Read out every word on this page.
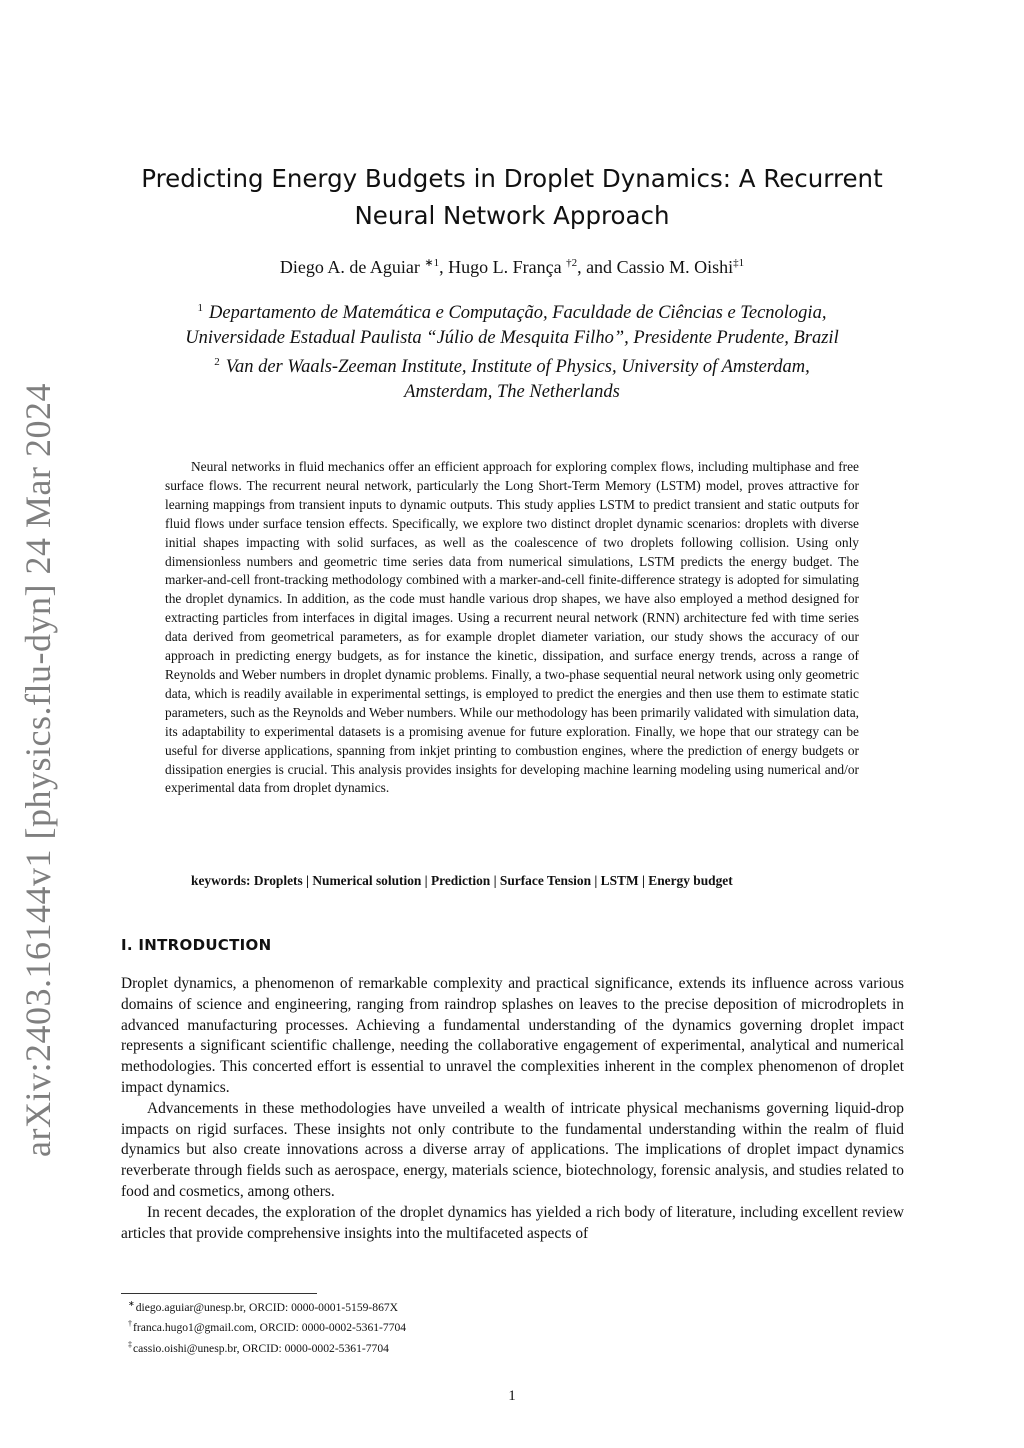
arXiv:2403.16144v1 [physics.flu-dyn] 24 Mar 2024
Predicting Energy Budgets in Droplet Dynamics: A Recurrent
Neural Network Approach
Diego A. de Aguiar $^{∗1}$, Hugo L. França $^{\dagger 2}$, and Cassio M. Oishi$^{\ddagger 1}$
$^1$ Departamento de Matemática e Computação, Faculdade de Ciências e Tecnologia,
Universidade Estadual Paulista “Júlio de Mesquita Filho”, Presidente Prudente, Brazil
$^2$ Van der Waals-Zeeman Institute, Institute of Physics, University of Amsterdam,
Amsterdam, The Netherlands

Neural networks in fluid mechanics offer an efficient approach for exploring complex flows, including multiphase and free surface flows. The recurrent neural network, particularly the Long Short-Term Memory (LSTM) model, proves attractive for learning mappings from transient inputs to dynamic outputs. This study applies LSTM to predict transient and static outputs for fluid flows under surface tension effects. Specifically, we explore two distinct droplet dynamic scenarios: droplets with diverse initial shapes impacting with solid surfaces, as well as the coalescence of two droplets following collision. Using only dimensionless numbers and geometric time series data from numerical simulations, LSTM predicts the energy budget. The marker-and-cell front-tracking methodology combined with a marker-and-cell finite-difference strategy is adopted for simulating the droplet dynamics. In addition, as the code must handle various drop shapes, we have also employed a method designed for extracting particles from interfaces in digital images. Using a recurrent neural network (RNN) architecture fed with time series data derived from geometrical parameters, as for example droplet diameter variation, our study shows the accuracy of our approach in predicting energy budgets, as for instance the kinetic, dissipation, and surface energy trends, across a range of Reynolds and Weber numbers in droplet dynamic problems. Finally, a two-phase sequential neural network using only geometric data, which is readily available in experimental settings, is employed to predict the energies and then use them to estimate static parameters, such as the Reynolds and Weber numbers. While our methodology has been primarily validated with simulation data, its adaptability to experimental datasets is a promising avenue for future exploration. Finally, we hope that our strategy can be useful for diverse applications, spanning from inkjet printing to combustion engines, where the prediction of energy budgets or dissipation energies is crucial. This analysis provides insights for developing machine learning modeling using numerical and/or experimental data from droplet dynamics.

keywords: Droplets | Numerical solution | Prediction | Surface Tension | LSTM | Energy budget

I. INTRODUCTION

Droplet dynamics, a phenomenon of remarkable complexity and practical significance, extends its influence across various domains of science and engineering, ranging from raindrop splashes on leaves to the precise deposition of microdroplets in advanced manufacturing processes. Achieving a fundamental understanding of the dynamics governing droplet impact represents a significant scientific challenge, needing the collaborative engagement of experimental, analytical and numerical methodologies. This concerted effort is essential to unravel the complexities inherent in the complex phenomenon of droplet impact dynamics.

Advancements in these methodologies have unveiled a wealth of intricate physical mechanisms governing liquid-drop impacts on rigid surfaces. These insights not only contribute to the fundamental understanding within the realm of fluid dynamics but also create innovations across a diverse array of applications. The implications of droplet impact dynamics reverberate through fields such as aerospace, energy, materials science, biotechnology, forensic analysis, and studies related to food and cosmetics, among others.

In recent decades, the exploration of the droplet dynamics has yielded a rich body of literature, including excellent review articles that provide comprehensive insights into the multifaceted aspects of

∗diego.aguiar@unesp.br, ORCID: 0000-0001-5159-867X
†franca.hugo1@gmail.com, ORCID: 0000-0002-5361-7704
‡cassio.oishi@unesp.br, ORCID: 0000-0002-5361-7704
1
